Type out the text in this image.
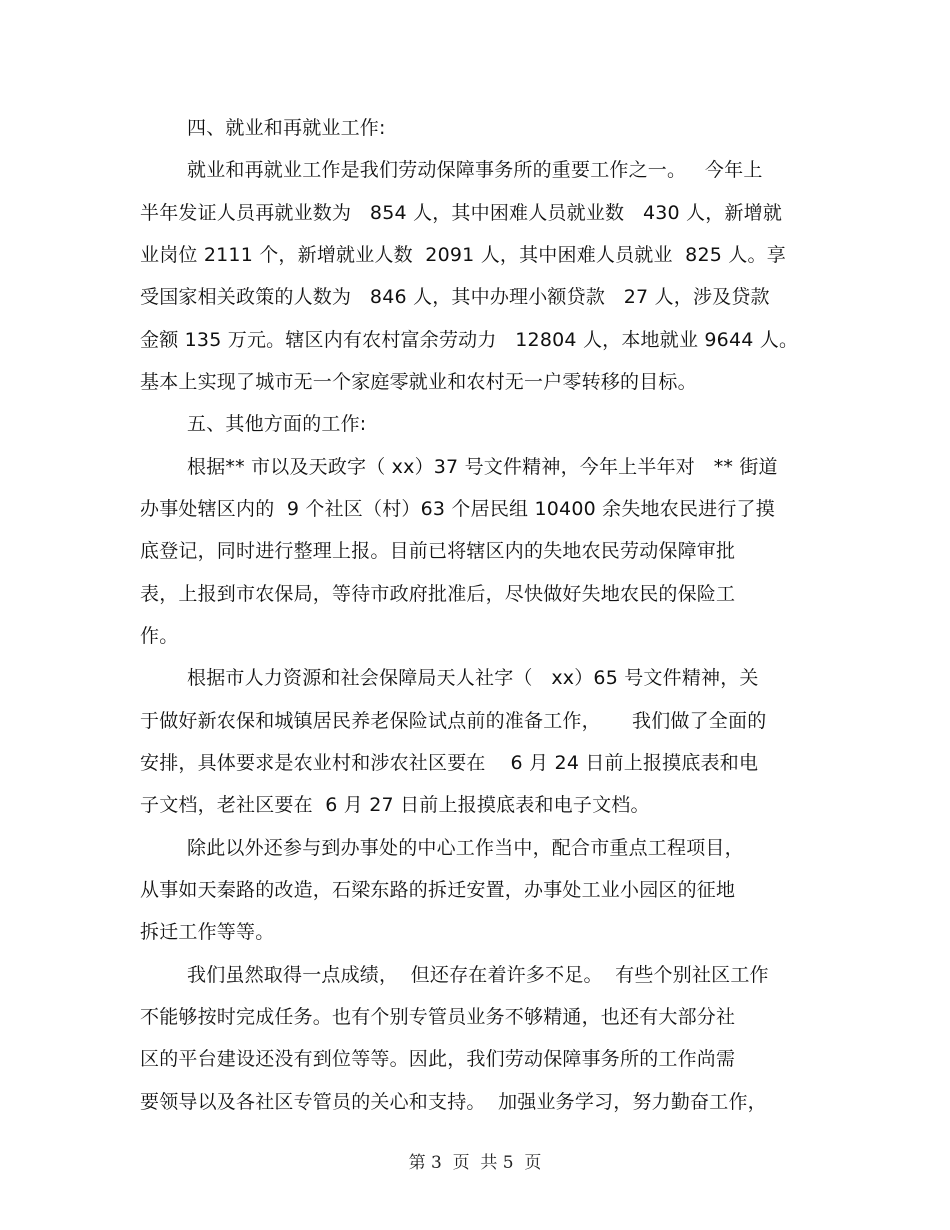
四、就业和再就业工作:
就业和再就业工作是我们劳动保障事务所的重要工作之一。   今年上
半年发证人员再就业数为   854 人，其中困难人员就业数   430 人，新增就
业岗位 2111 个，新增就业人数  2091 人，其中困难人员就业  825 人。享
受国家相关政策的人数为   846 人，其中办理小额贷款   27 人，涉及贷款
金额 135 万元。辖区内有农村富余劳动力   12804 人，本地就业 9644 人。
基本上实现了城市无一个家庭零就业和农村无一户零转移的目标。
五、其他方面的工作:
根据** 市以及天政字（ xx）37 号文件精神，今年上半年对   ** 街道
办事处辖区内的  9 个社区（村）63 个居民组 10400 余失地农民进行了摸
底登记，同时进行整理上报。目前已将辖区内的失地农民劳动保障审批
表，上报到市农保局，等待市政府批准后，尽快做好失地农民的保险工
作。
根据市人力资源和社会保障局天人社字（   xx）65 号文件精神，关
于做好新农保和城镇居民养老保险试点前的准备工作，     我们做了全面的
安排，具体要求是农业村和涉农社区要在    6 月 24 日前上报摸底表和电
子文档，老社区要在  6 月 27 日前上报摸底表和电子文档。
除此以外还参与到办事处的中心工作当中，配合市重点工程项目，
从事如天秦路的改造，石梁东路的拆迁安置，办事处工业小园区的征地
拆迁工作等等。
我们虽然取得一点成绩，  但还存在着许多不足。  有些个别社区工作
不能够按时完成任务。也有个别专管员业务不够精通，也还有大部分社
区的平台建设还没有到位等等。因此，我们劳动保障事务所的工作尚需
要领导以及各社区专管员的关心和支持。  加强业务学习，努力勤奋工作，
第 3  页  共 5  页
